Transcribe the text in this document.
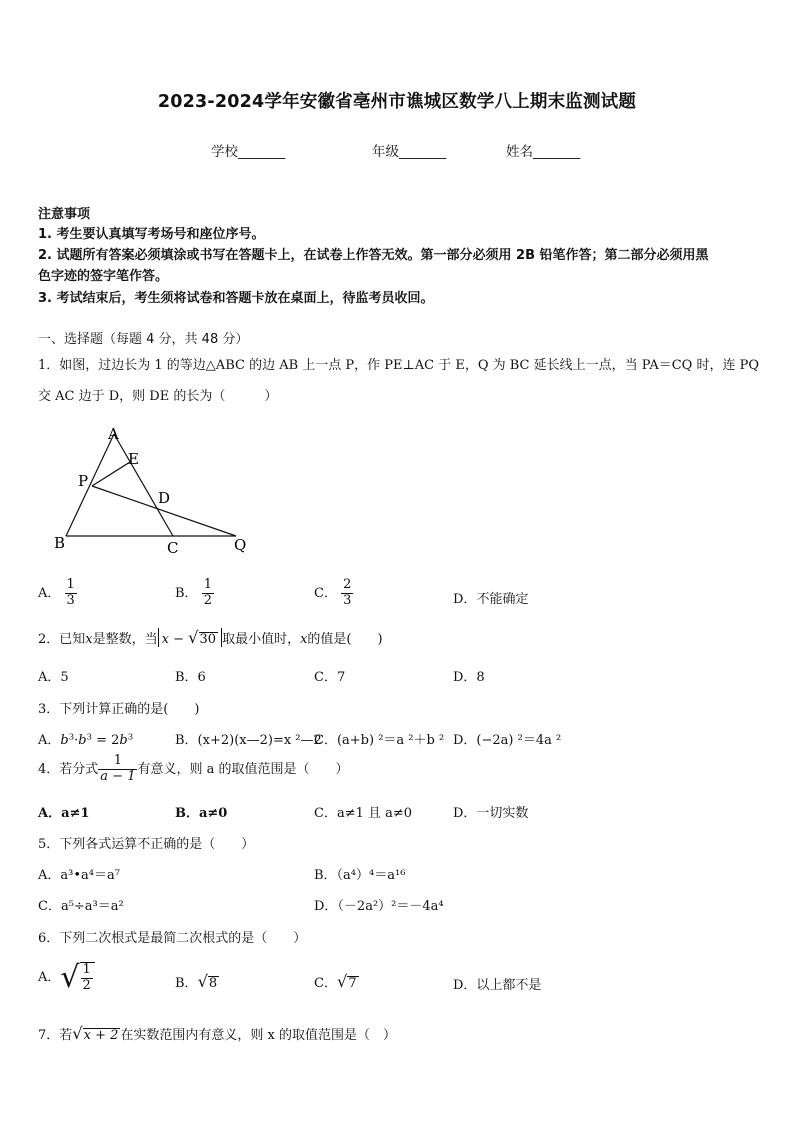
2023-2024学年安徽省亳州市谯城区数学八上期末监测试题
学校_______	年级_______	姓名_______
注意事项
1. 考生要认真填写考场号和座位序号。
2. 试题所有答案必须填涂或书写在答题卡上，在试卷上作答无效。第一部分必须用 2B 铅笔作答；第二部分必须用黑
色字迹的签字笔作答。
3. 考试结束后，考生须将试卷和答题卡放在桌面上，待监考员收回。
一、选择题（每题 4 分，共 48 分）
1．如图，过边长为 1 的等边△ABC 的边 AB 上一点 P，作 PE⊥AC 于 E，Q 为 BC 延长线上一点，当 PA＝CQ 时，连 PQ
交 AC 边于 D，则 DE 的长为（　　　）
A
E
P
D
B	C	Q
A． $\frac{1}{3}$	B． $\frac{1}{2}$	C． $\frac{2}{3}$	D．不能确定
2．已知x是整数，当 x − √30 取最小值时，x的值是(　　)
A．5	B．6	C．7	D．8
3．下列计算正确的是(　　)
A．$b^3\cdot b^3 = 2b^3$	B．(x+2)(x—2)=x ²—2
C．(a+b) ²＝a ²＋b ² D．(−2a) ²＝4a ²
4．若分式 $\frac{1}{a - 1}$ 有意义，则 a 的取值范围是（　　）
A．a≠1	B．a≠0	C．a≠1 且 a≠0	D．一切实数
5．下列各式运算不正确的是（　　）
A．a³•a⁴＝a⁷	B．（a⁴）⁴＝a¹⁶
C．a⁵÷a³＝a²	D．（－2a²）²＝－4a⁴
6．下列二次根式是最简二次根式的是（　　）
A．√ $\frac{1}{2}$	B．√8	C．√7	D．以上都不是
7．若√x + 2 在实数范围内有意义，则 x 的取值范围是（　）
